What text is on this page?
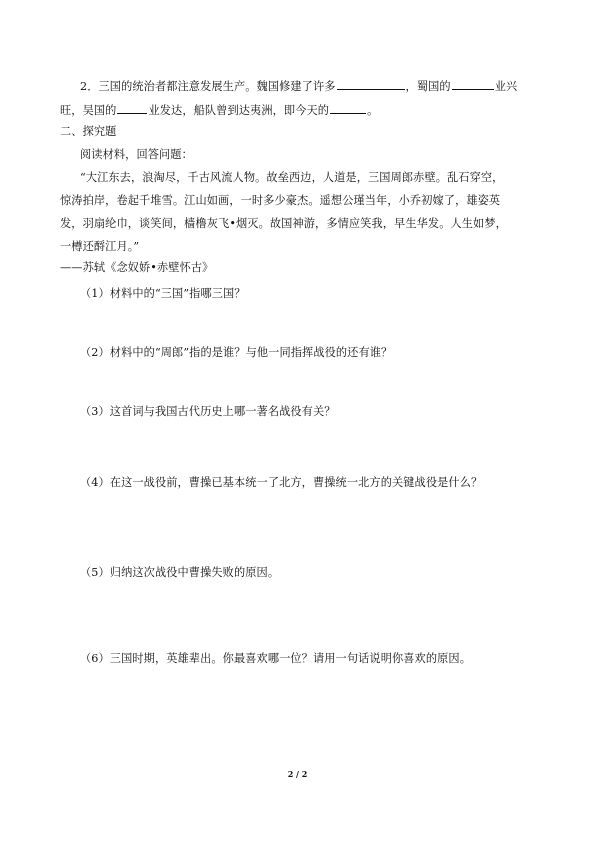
2．三国的统治者都注意发展生产。魏国修建了许多	，蜀国的	业兴
旺，吴国的	业发达，船队曾到达夷洲，即今天的	。
二、探究题
阅读材料，回答问题：
“大江东去，浪淘尽，千古风流人物。故垒西边，人道是，三国周郎赤壁。乱石穿空，
惊涛拍岸，卷起千堆雪。江山如画，一时多少豪杰。遥想公瑾当年，小乔初嫁了，雄姿英
发，羽扇纶巾，谈笑间，樯橹灰飞•烟灭。故国神游，多情应笑我，早生华发。人生如梦，
一樽还酹江月。”
——苏轼《念奴娇•赤壁怀古》
（1）材料中的“三国”指哪三国？
（2）材料中的“周郎”指的是谁？与他一同指挥战役的还有谁？
（3）这首词与我国古代历史上哪一著名战役有关？
（4）在这一战役前，曹操已基本统一了北方，曹操统一北方的关键战役是什么？
（5）归纳这次战役中曹操失败的原因。
（6）三国时期，英雄辈出。你最喜欢哪一位？请用一句话说明你喜欢的原因。
2 / 2
